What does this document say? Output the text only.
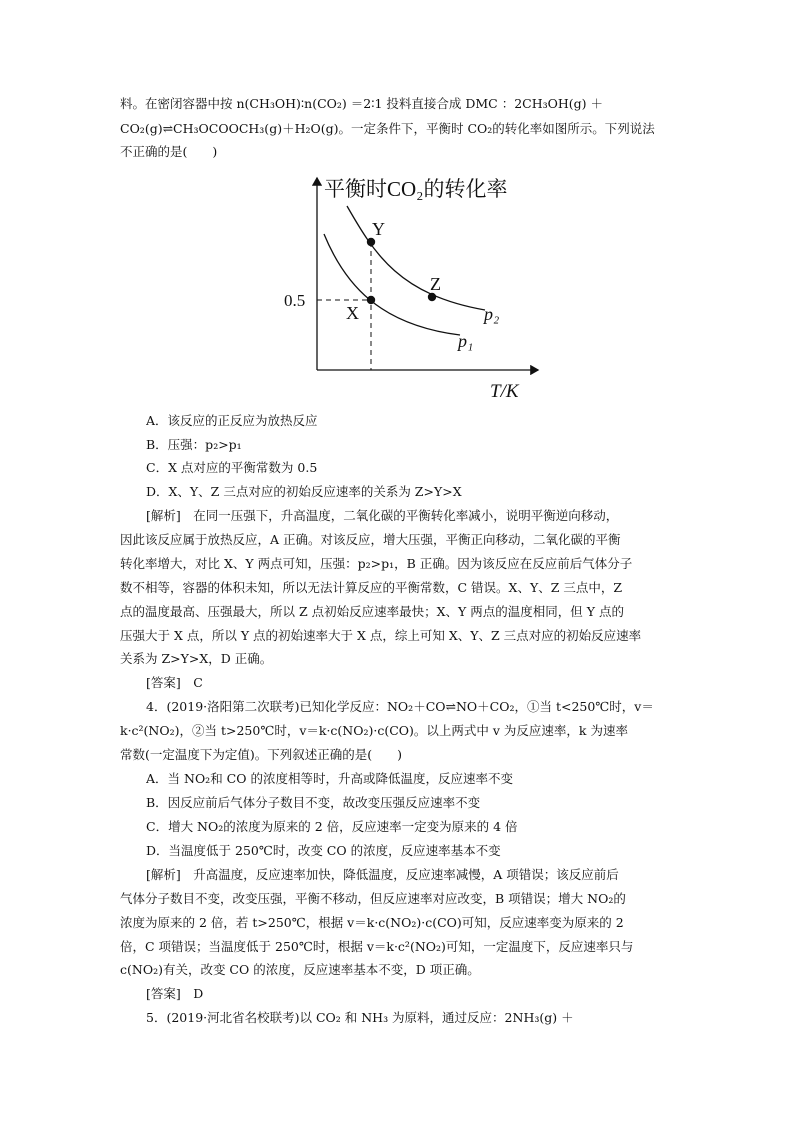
料。在密闭容器中按 n(CH₃OH)∶n(CO₂) ＝2∶1 投料直接合成 DMC ：2CH₃OH(g) ＋
CO₂(g)⇌CH₃OCOOCH₃(g)＋H₂O(g)。一定条件下，平衡时 CO₂的转化率如图所示。下列说法
不正确的是(　　)
平衡时CO₂的转化率
T/K
0.5
Y
X
Z
p₂
p₁
A．该反应的正反应为放热反应
B．压强：p₂>p₁
C．X 点对应的平衡常数为 0.5
D．X、Y、Z 三点对应的初始反应速率的关系为 Z>Y>X
[解析]　在同一压强下，升高温度，二氧化碳的平衡转化率减小，说明平衡逆向移动，
因此该反应属于放热反应，A 正确。对该反应，增大压强，平衡正向移动，二氧化碳的平衡
转化率增大，对比 X、Y 两点可知，压强：p₂>p₁，B 正确。因为该反应在反应前后气体分子
数不相等，容器的体积未知，所以无法计算反应的平衡常数，C 错误。X、Y、Z 三点中，Z
点的温度最高、压强最大，所以 Z 点初始反应速率最快；X、Y 两点的温度相同，但 Y 点的
压强大于 X 点，所以 Y 点的初始速率大于 X 点，综上可知 X、Y、Z 三点对应的初始反应速率
关系为 Z>Y>X，D 正确。
[答案]　C
4．(2019·洛阳第二次联考)已知化学反应：NO₂＋CO⇌NO＋CO₂，①当 t<250℃时，v＝
k·c²(NO₂)，②当 t>250℃时，v＝k·c(NO₂)·c(CO)。以上两式中 v 为反应速率，k 为速率
常数(一定温度下为定值)。下列叙述正确的是(　　)
A．当 NO₂和 CO 的浓度相等时，升高或降低温度，反应速率不变
B．因反应前后气体分子数目不变，故改变压强反应速率不变
C．增大 NO₂的浓度为原来的 2 倍，反应速率一定变为原来的 4 倍
D．当温度低于 250℃时，改变 CO 的浓度，反应速率基本不变
[解析]　升高温度，反应速率加快，降低温度，反应速率减慢，A 项错误；该反应前后
气体分子数目不变，改变压强，平衡不移动，但反应速率对应改变，B 项错误；增大 NO₂的
浓度为原来的 2 倍，若 t>250℃，根据 v＝k·c(NO₂)·c(CO)可知，反应速率变为原来的 2
倍，C 项错误；当温度低于 250℃时，根据 v＝k·c²(NO₂)可知，一定温度下，反应速率只与
c(NO₂)有关，改变 CO 的浓度，反应速率基本不变，D 项正确。
[答案]　D
5．(2019·河北省名校联考)以 CO₂ 和 NH₃ 为原料，通过反应：2NH₃(g) ＋
